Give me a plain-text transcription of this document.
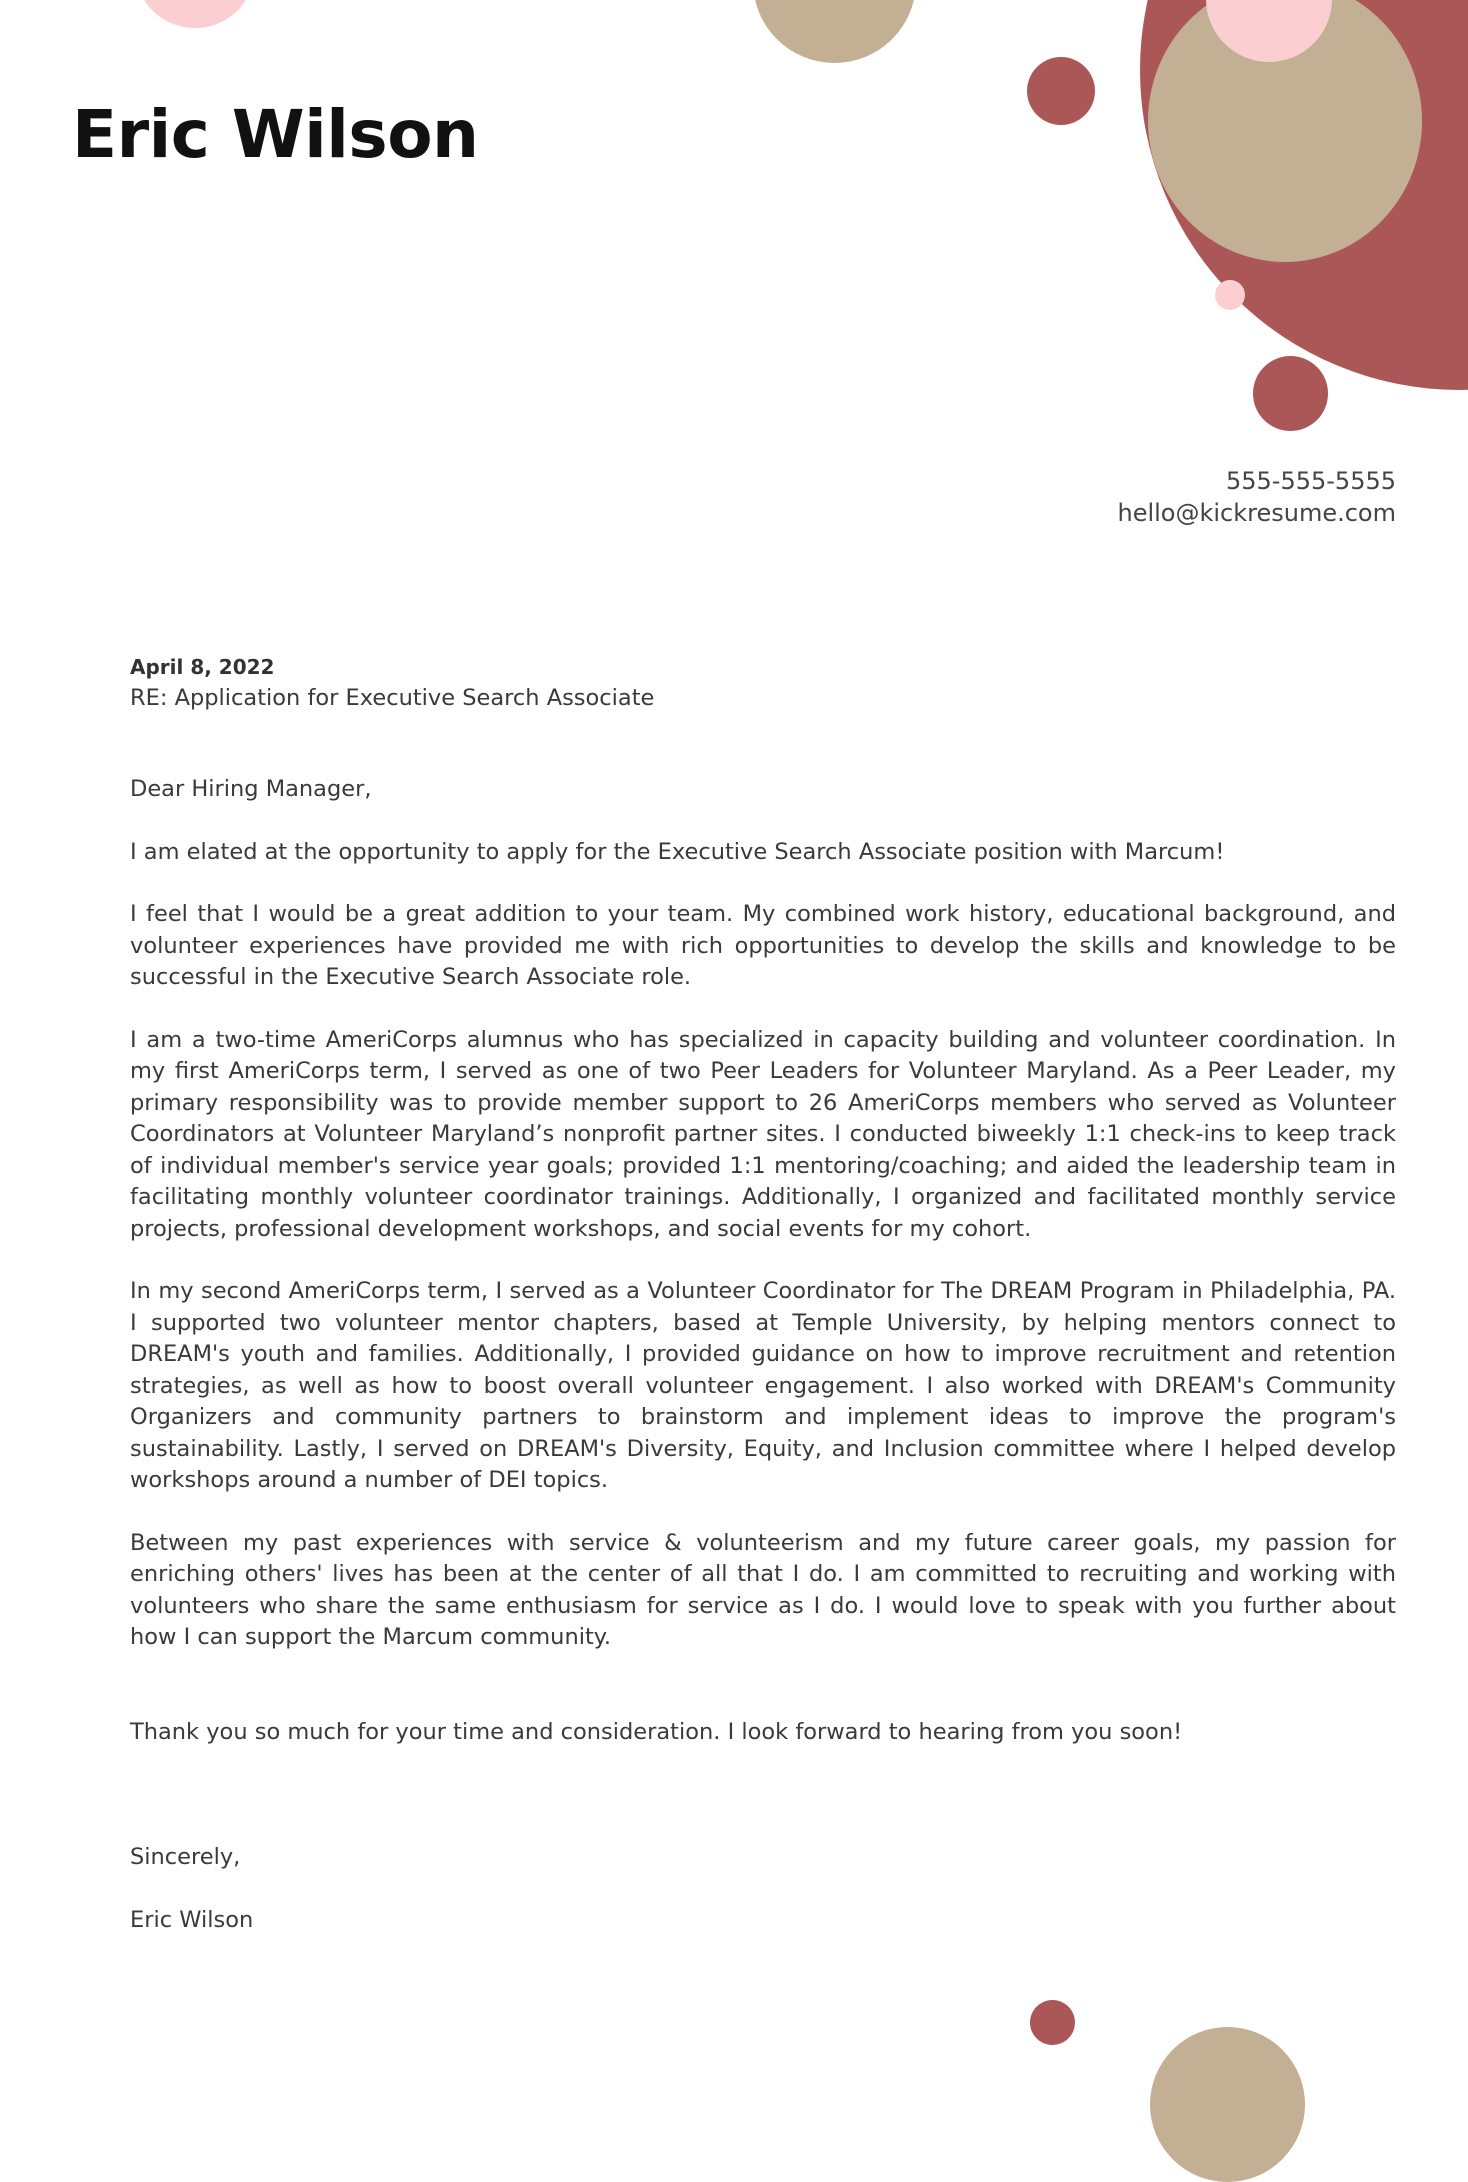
Eric Wilson
555-555-5555
hello@kickresume.com
April 8, 2022
RE: Application for Executive Search Associate
Dear Hiring Manager,
I am elated at the opportunity to apply for the Executive Search Associate position with Marcum!
I feel that I would be a great addition to your team. My combined work history, educational background, and volunteer experiences have provided me with rich opportunities to develop the skills and knowledge to be successful in the Executive Search Associate role.
I am a two-time AmeriCorps alumnus who has specialized in capacity building and volunteer coordination. In my first AmeriCorps term, I served as one of two Peer Leaders for Volunteer Maryland. As a Peer Leader, my primary responsibility was to provide member support to 26 AmeriCorps members who served as Volunteer Coordinators at Volunteer Maryland’s nonprofit partner sites. I conducted biweekly 1:1 check-ins to keep track of individual member's service year goals; provided 1:1 mentoring/coaching; and aided the leadership team in facilitating monthly volunteer coordinator trainings. Additionally, I organized and facilitated monthly service projects, professional development workshops, and social events for my cohort.
In my second AmeriCorps term, I served as a Volunteer Coordinator for The DREAM Program in Philadelphia, PA. I supported two volunteer mentor chapters, based at Temple University, by helping mentors connect to DREAM's youth and families. Additionally, I provided guidance on how to improve recruitment and retention strategies, as well as how to boost overall volunteer engagement. I also worked with DREAM's Community Organizers and community partners to brainstorm and implement ideas to improve the program's sustainability. Lastly, I served on DREAM's Diversity, Equity, and Inclusion committee where I helped develop workshops around a number of DEI topics.
Between my past experiences with service & volunteerism and my future career goals, my passion for enriching others' lives has been at the center of all that I do. I am committed to recruiting and working with volunteers who share the same enthusiasm for service as I do. I would love to speak with you further about how I can support the Marcum community.
Thank you so much for your time and consideration. I look forward to hearing from you soon!
Sincerely,
Eric Wilson
